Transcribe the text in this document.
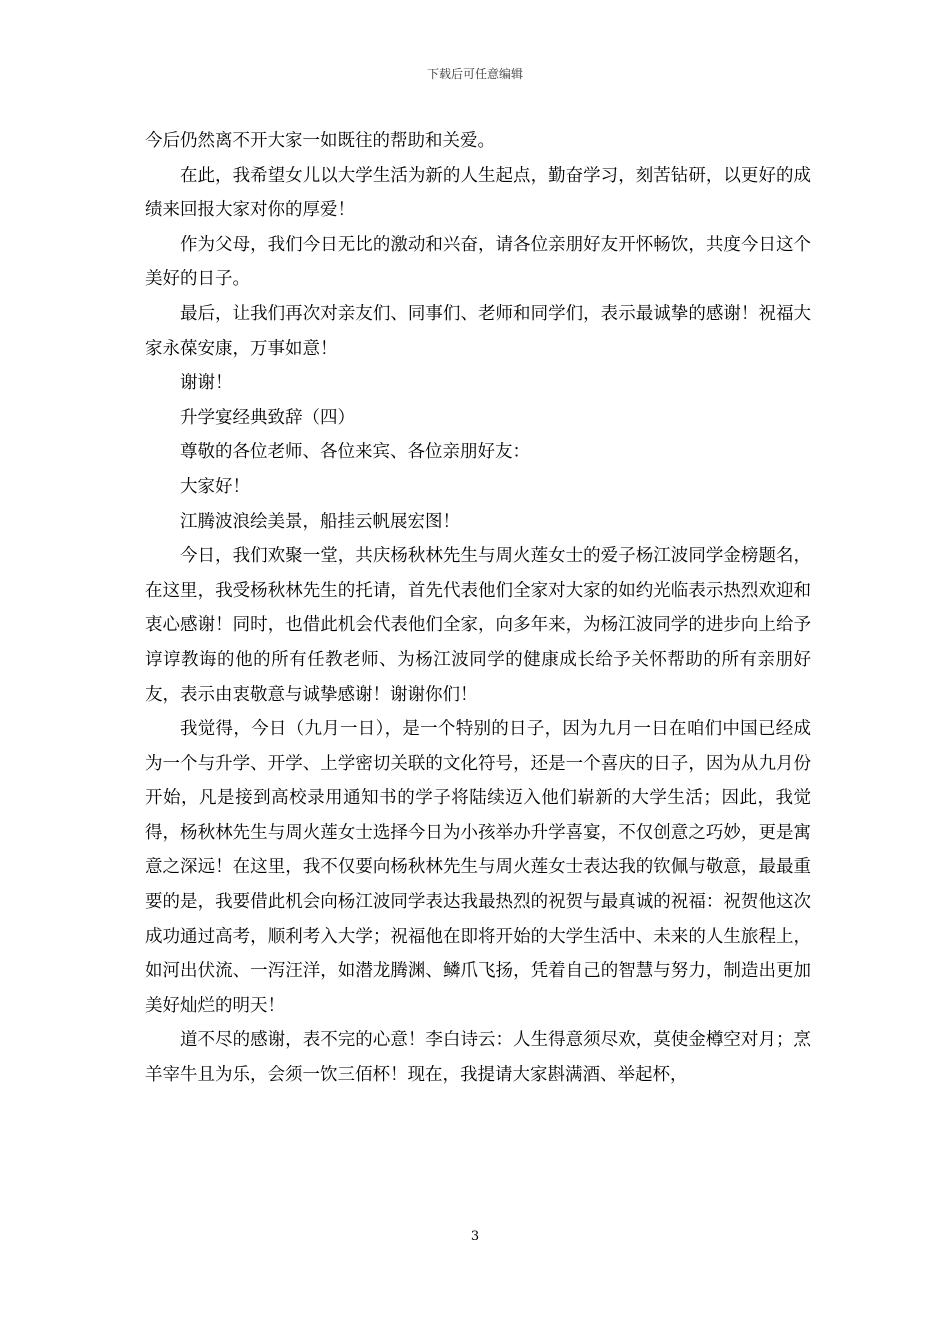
下载后可任意编辑

今后仍然离不开大家一如既往的帮助和关爱。

在此，我希望女儿以大学生活为新的人生起点，勤奋学习，刻苦钻研，以更好的成绩来回报大家对你的厚爱！

作为父母，我们今日无比的激动和兴奋，请各位亲朋好友开怀畅饮，共度今日这个美好的日子。

最后，让我们再次对亲友们、同事们、老师和同学们，表示最诚挚的感谢！祝福大家永葆安康，万事如意！

谢谢！

升学宴经典致辞（四）

尊敬的各位老师、各位来宾、各位亲朋好友：

大家好！

江腾波浪绘美景，船挂云帆展宏图！

今日，我们欢聚一堂，共庆杨秋林先生与周火莲女士的爱子杨江波同学金榜题名，在这里，我受杨秋林先生的托请，首先代表他们全家对大家的如约光临表示热烈欢迎和衷心感谢！同时，也借此机会代表他们全家，向多年来，为杨江波同学的进步向上给予谆谆教诲的他的所有任教老师、为杨江波同学的健康成长给予关怀帮助的所有亲朋好友，表示由衷敬意与诚挚感谢！谢谢你们！

我觉得，今日（九月一日），是一个特别的日子，因为九月一日在咱们中国已经成为一个与升学、开学、上学密切关联的文化符号，还是一个喜庆的日子，因为从九月份开始，凡是接到高校录用通知书的学子将陆续迈入他们崭新的大学生活；因此，我觉得，杨秋林先生与周火莲女士选择今日为小孩举办升学喜宴，不仅创意之巧妙，更是寓意之深远！在这里，我不仅要向杨秋林先生与周火莲女士表达我的钦佩与敬意，最最重要的是，我要借此机会向杨江波同学表达我最热烈的祝贺与最真诚的祝福：祝贺他这次成功通过高考，顺利考入大学；祝福他在即将开始的大学生活中、未来的人生旅程上，如河出伏流、一泻汪洋，如潜龙腾渊、鳞爪飞扬，凭着自己的智慧与努力，制造出更加美好灿烂的明天！

道不尽的感谢，表不完的心意！李白诗云：人生得意须尽欢，莫使金樽空对月；烹羊宰牛且为乐，会须一饮三佰杯！现在，我提请大家斟满酒、举起杯，

3
